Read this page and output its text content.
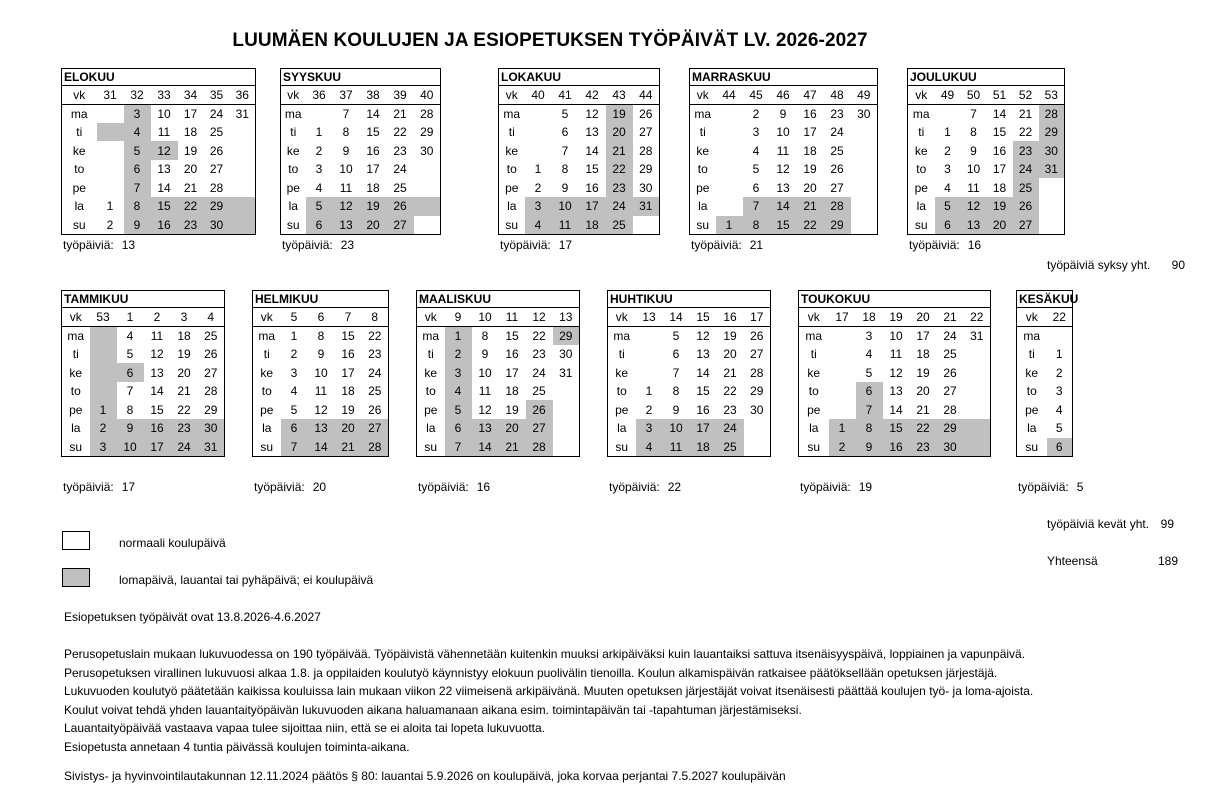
LUUMÄEN KOULUJEN JA ESIOPETUKSEN TYÖPÄIVÄT LV. 2026-2027
ELOKUU						
vk	31	32	33	34	35	36
ma		3	10	17	24	31
ti		4	11	18	25	
ke		5	12	19	26	
to		6	13	20	27	
pe		7	14	21	28	
la	1	8	15	22	29	
su	2	9	16	23	30	
työpäiviä: 13
SYYSKUU					
vk	36	37	38	39	40
ma		7	14	21	28
ti	1	8	15	22	29
ke	2	9	16	23	30
to	3	10	17	24	
pe	4	11	18	25	
la	5	12	19	26	
su	6	13	20	27	
työpäiviä: 23
LOKAKUU					
vk	40	41	42	43	44
ma		5	12	19	26
ti		6	13	20	27
ke		7	14	21	28
to	1	8	15	22	29
pe	2	9	16	23	30
la	3	10	17	24	31
su	4	11	18	25	
työpäiviä: 17
MARRASKUU						
vk	44	45	46	47	48	49
ma		2	9	16	23	30
ti		3	10	17	24	
ke		4	11	18	25	
to		5	12	19	26	
pe		6	13	20	27	
la		7	14	21	28	
su	1	8	15	22	29	
työpäiviä: 21
JOULUKUU					
vk	49	50	51	52	53
ma		7	14	21	28
ti	1	8	15	22	29
ke	2	9	16	23	30
to	3	10	17	24	31
pe	4	11	18	25	
la	5	12	19	26	
su	6	13	20	27	
työpäiviä: 16
TAMMIKUU					
vk	53	1	2	3	4
ma		4	11	18	25
ti		5	12	19	26
ke		6	13	20	27
to		7	14	21	28
pe	1	8	15	22	29
la	2	9	16	23	30
su	3	10	17	24	31
työpäiviä: 17
HELMIKUU				
vk	5	6	7	8
ma	1	8	15	22
ti	2	9	16	23
ke	3	10	17	24
to	4	11	18	25
pe	5	12	19	26
la	6	13	20	27
su	7	14	21	28
työpäiviä: 20
MAALISKUU					
vk	9	10	11	12	13
ma	1	8	15	22	29
ti	2	9	16	23	30
ke	3	10	17	24	31
to	4	11	18	25	
pe	5	12	19	26	
la	6	13	20	27	
su	7	14	21	28	
työpäiviä: 16
HUHTIKUU					
vk	13	14	15	16	17
ma		5	12	19	26
ti		6	13	20	27
ke		7	14	21	28
to	1	8	15	22	29
pe	2	9	16	23	30
la	3	10	17	24	
su	4	11	18	25	
työpäiviä: 22
TOUKOKUU						
vk	17	18	19	20	21	22
ma		3	10	17	24	31
ti		4	11	18	25	
ke		5	12	19	26	
to		6	13	20	27	
pe		7	14	21	28	
la	1	8	15	22	29	
su	2	9	16	23	30	
työpäiviä: 19
KESÄKUU	
vk	22
ma	
ti	1
ke	2
to	3
pe	4
la	5
su	6
työpäiviä: 5
työpäiviä syksy yht.	90
työpäiviä kevät yht. 99
Yhteensä	189
normaali koulupäivä
lomapäivä, lauantai tai pyhäpäivä; ei koulupäivä
Esiopetuksen työpäivät ovat 13.8.2026-4.6.2027
Perusopetuslain mukaan lukuvuodessa on 190 työpäivää. Työpäivistä vähennetään kuitenkin muuksi arkipäiväksi kuin lauantaiksi sattuva itsenäisyyspäivä, loppiainen ja vapunpäivä.
Perusopetuksen virallinen lukuvuosi alkaa 1.8. ja oppilaiden koulutyö käynnistyy elokuun puolivälin tienoilla. Koulun alkamispäivän ratkaisee päätöksellään opetuksen järjestäjä.
Lukuvuoden koulutyö päätetään kaikissa kouluissa lain mukaan viikon 22 viimeisenä arkipäivänä. Muuten opetuksen järjestäjät voivat itsenäisesti päättää koulujen työ- ja loma-ajoista.
Koulut voivat tehdä yhden lauantaityöpäivän lukuvuoden aikana haluamanaan aikana esim. toimintapäivän tai -tapahtuman järjestämiseksi.
Lauantaityöpäivää vastaava vapaa tulee sijoittaa niin, että se ei aloita tai lopeta lukuvuotta.
Esiopetusta annetaan 4 tuntia päivässä koulujen toiminta-aikana.
Sivistys- ja hyvinvointilautakunnan 12.11.2024 päätös § 80: lauantai 5.9.2026 on koulupäivä, joka korvaa perjantai 7.5.2027 koulupäivän
